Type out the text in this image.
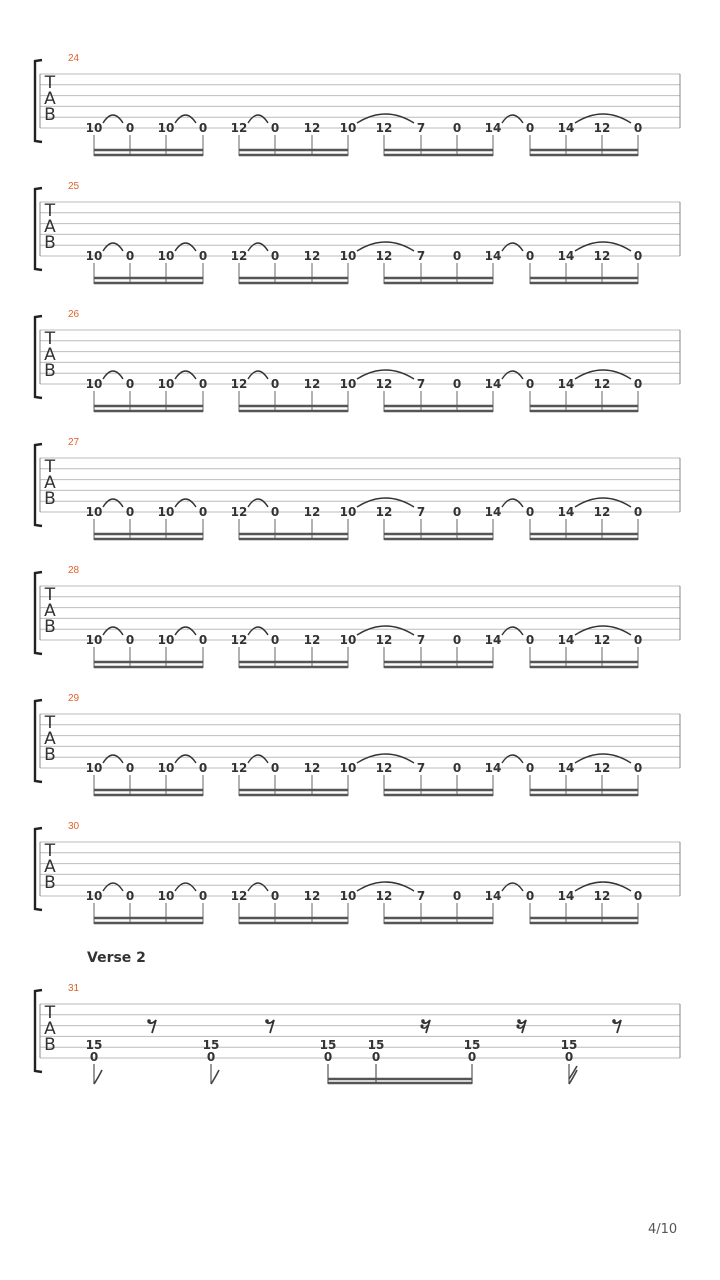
T
A
B
10 0 10 0 12 0 12 10 12 7 0 14 0 14 12 0
T
A
B
10 0 10 0 12 0 12 10 12 7 0 14 0 14 12 0
T
A
B
10 0 10 0 12 0 12 10 12 7 0 14 0 14 12 0
T
A
B
10 0 10 0 12 0 12 10 12 7 0 14 0 14 12 0
T
A
B
10 0 10 0 12 0 12 10 12 7 0 14 0 14 12 0
T
A
B
10 0 10 0 12 0 12 10 12 7 0 14 0 14 12 0
T
A
B
10 0 10 0 12 0 12 10 12 7 0 14 0 14 12 0
T
A
B 15
0
15
0
15
0
15
0
15
0
15
0
24
25
26
27
28
29
30
Verse 2
31
4/10
